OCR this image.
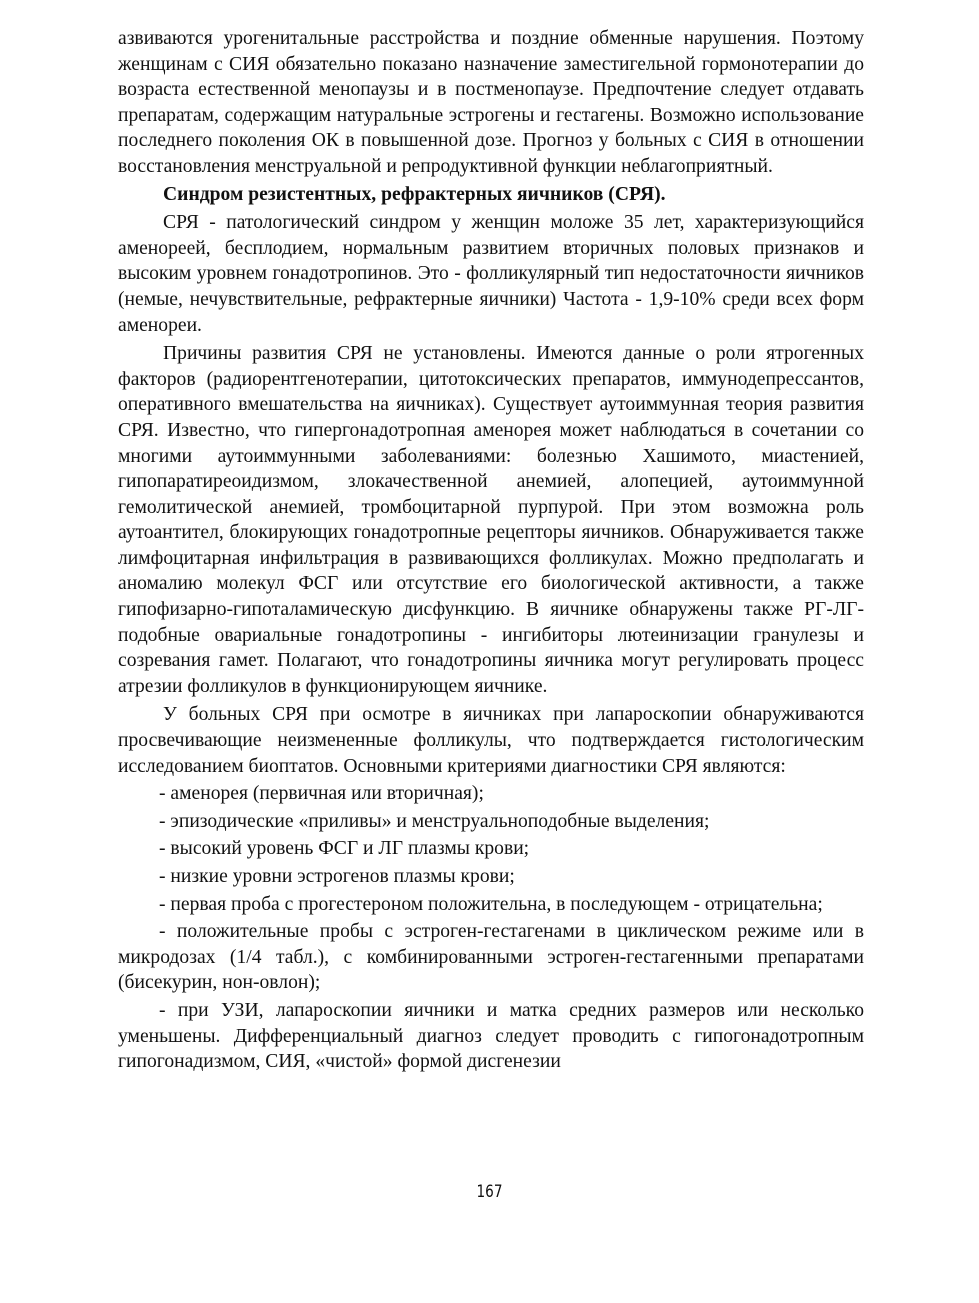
азвиваются урогенитальные расстройства и поздние обменные нарушения. Поэтому женщинам с СИЯ обязательно показано назначение заместигельной гормонотерапии до возраста естественной менопаузы и в постменопаузе. Предпочтение следует отдавать препаратам, содержащим натуральные эстрогены и гестагены. Возможно использование последнего поколения ОК в повышенной дозе. Прогноз у больных с СИЯ в отношении восстановления менструальной и репродуктивной функции неблагоприятный.

Синдром резистентных, рефрактерных яичников (СРЯ).

СРЯ - патологический синдром у женщин моложе 35 лет, характеризующийся аменореей, бесплодием, нормальным развитием вторичных половых признаков и высоким уровнем гонадотропинов. Это - фолликулярный тип недостаточности яичников (немые, нечувствительные, рефрактерные яичники) Частота - 1,9-10% среди всех форм аменореи.

Причины развития СРЯ не установлены. Имеются данные о роли ятрогенных факторов (радиорентгенотерапии, цитотоксических препаратов, иммунодепрессантов, оперативного вмешательства на яичниках). Существует аутоиммунная теория развития СРЯ. Известно, что гипергонадотропная аменорея может наблюдаться в сочетании со многими аутоиммунными заболеваниями: болезнью Хашимото, миастенией, гипопаратиреоидизмом, злокачественной анемией, алопецией, аутоиммунной гемолитической анемией, тромбоцитарной пурпурой. При этом возможна роль аутоантител, блокирующих гонадотропные рецепторы яичников. Обнаруживается также лимфоцитарная инфильтрация в развивающихся фолликулах. Можно предполагать и аномалию молекул ФСГ или отсутствие его биологической активности, а также гипофизарно-гипоталамическую дисфункцию. В яичнике обнаружены также РГ-ЛГ-подобные овариальные гонадотропины - ингибиторы лютеинизации гранулезы и созревания гамет. Полагают, что гонадотропины яичника могут регулировать процесс атрезии фолликулов в функционирующем яичнике.

У больных СРЯ при осмотре в яичниках при лапароскопии обнаруживаются просвечивающие неизмененные фолликулы, что подтверждается гистологическим исследованием биоптатов. Основными критериями диагностики СРЯ являются:

- аменорея (первичная или вторичная);

- эпизодические «приливы» и менструальноподобные выделения;

- высокий уровень ФСГ и ЛГ плазмы крови;

- низкие уровни эстрогенов плазмы крови;

- первая проба с прогестероном положительна, в последующем - отрицательна;

- положительные пробы с эстроген-гестагенами в циклическом режиме или в микродозах (1/4 табл.), с комбинированными эстроген-гестагенными препаратами (бисекурин, нон-овлон);

- при УЗИ, лапароскопии яичники и матка средних размеров или несколько уменьшены. Дифференциальный диагноз следует проводить с гипогонадотропным гипогонадизмом, СИЯ, «чистой» формой дисгенезии

167
